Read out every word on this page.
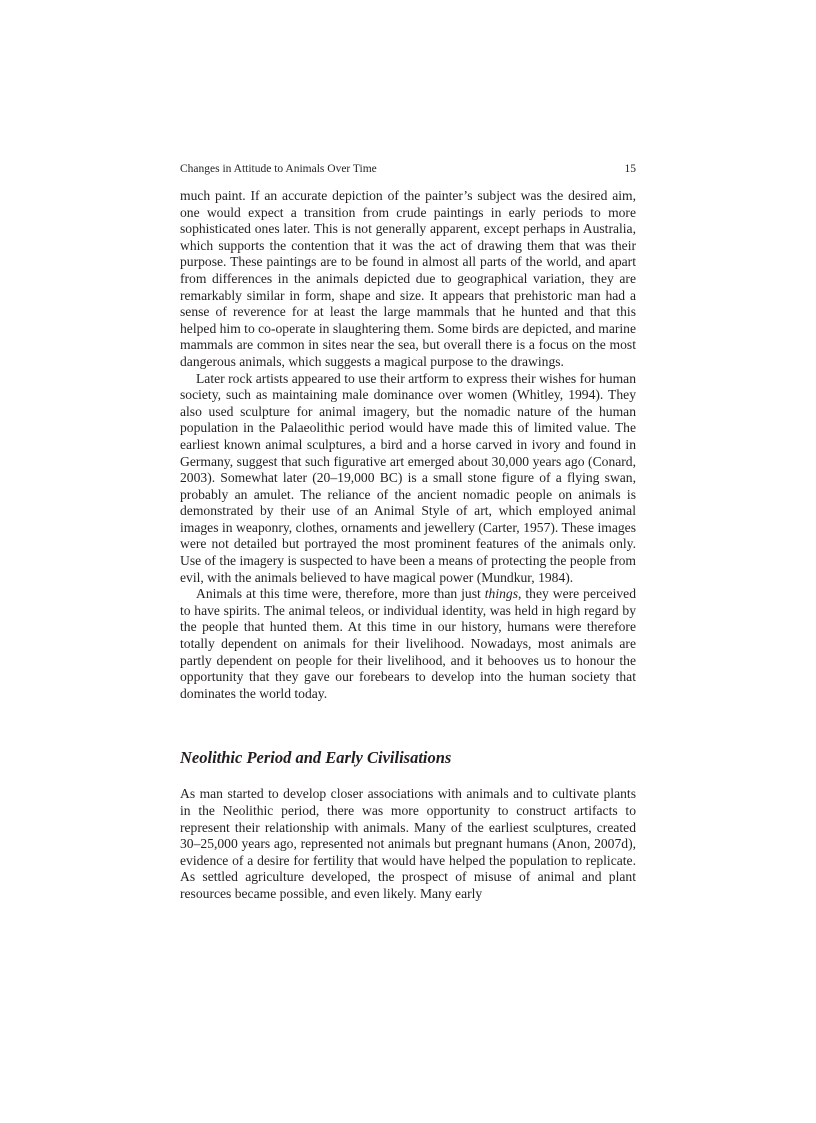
Changes in Attitude to Animals Over Time	15

much paint. If an accurate depiction of the painter’s subject was the desired aim, one would expect a transition from crude paintings in early periods to more sophisticated ones later. This is not generally apparent, except perhaps in Australia, which supports the contention that it was the act of drawing them that was their purpose. These paintings are to be found in almost all parts of the world, and apart from differences in the animals depicted due to geographical variation, they are remarkably similar in form, shape and size. It appears that prehistoric man had a sense of reverence for at least the large mammals that he hunted and that this helped him to co-operate in slaughtering them. Some birds are depicted, and marine mammals are common in sites near the sea, but overall there is a focus on the most dangerous animals, which suggests a magical purpose to the drawings.

Later rock artists appeared to use their artform to express their wishes for human society, such as maintaining male dominance over women (Whitley, 1994). They also used sculpture for animal imagery, but the nomadic nature of the human population in the Palaeolithic period would have made this of limited value. The earliest known animal sculptures, a bird and a horse carved in ivory and found in Germany, suggest that such figurative art emerged about 30,000 years ago (Conard, 2003). Somewhat later (20–19,000 BC) is a small stone figure of a flying swan, probably an amulet. The reliance of the ancient nomadic people on animals is demonstrated by their use of an Animal Style of art, which employed animal images in weaponry, clothes, ornaments and jewellery (Carter, 1957). These images were not detailed but portrayed the most prominent features of the animals only. Use of the imagery is suspected to have been a means of protecting the people from evil, with the animals believed to have magical power (Mundkur, 1984).

Animals at this time were, therefore, more than just things, they were perceived to have spirits. The animal teleos, or individual identity, was held in high regard by the people that hunted them. At this time in our history, humans were therefore totally dependent on animals for their livelihood. Nowadays, most animals are partly dependent on people for their livelihood, and it behooves us to honour the opportunity that they gave our forebears to develop into the human society that dominates the world today.

Neolithic Period and Early Civilisations

As man started to develop closer associations with animals and to cultivate plants in the Neolithic period, there was more opportunity to construct artifacts to represent their relationship with animals. Many of the earliest sculptures, created 30–25,000 years ago, represented not animals but pregnant humans (Anon, 2007d), evidence of a desire for fertility that would have helped the population to replicate. As settled agriculture developed, the prospect of misuse of animal and plant resources became possible, and even likely. Many early
